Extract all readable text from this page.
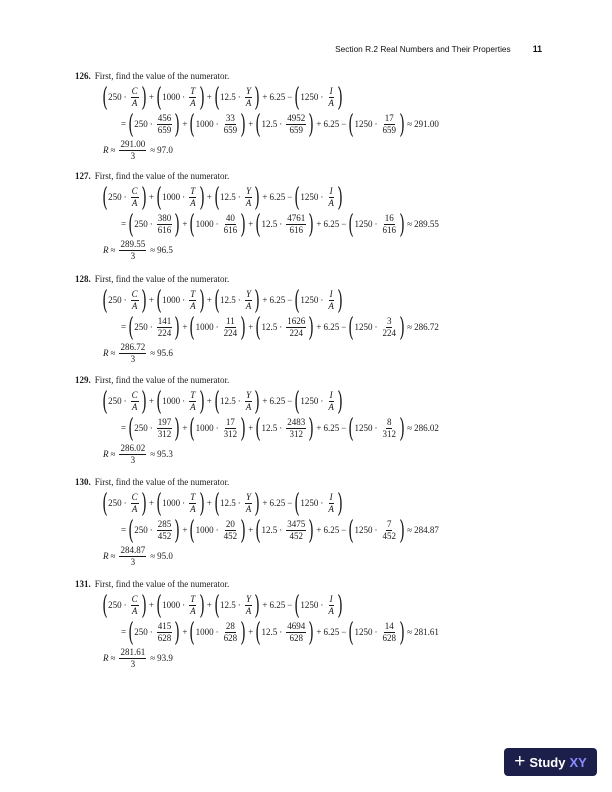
Section R.2 Real Numbers and Their Properties	11
126. First, find the value of the numerator.
( $250 \cdot \frac{C}{A}$ ) + ( $1000 \cdot \frac{T}{A}$ ) + ( $12.5 \cdot \frac{Y}{A}$ ) + 6.25 − ( $1250 \cdot \frac{I}{A}$ )
= ( $250 \cdot \frac{456}{659}$ ) + ( $1000 \cdot \frac{33}{659}$ ) + ( $12.5 \cdot \frac{4952}{659}$ ) + 6.25 − ( $1250 \cdot \frac{17}{659}$ ) ≈ 291.00
$R \approx \frac{291.00}{3} \approx 97.0$
127. First, find the value of the numerator.
( $250 \cdot \frac{C}{A}$ ) + ( $1000 \cdot \frac{T}{A}$ ) + ( $12.5 \cdot \frac{Y}{A}$ ) + 6.25 − ( $1250 \cdot \frac{I}{A}$ )
= ( $250 \cdot \frac{380}{616}$ ) + ( $1000 \cdot \frac{40}{616}$ ) + ( $12.5 \cdot \frac{4761}{616}$ ) + 6.25 − ( $1250 \cdot \frac{16}{616}$ ) ≈ 289.55
$R \approx \frac{289.55}{3} \approx 96.5$
128. First, find the value of the numerator.
( $250 \cdot \frac{C}{A}$ ) + ( $1000 \cdot \frac{T}{A}$ ) + ( $12.5 \cdot \frac{Y}{A}$ ) + 6.25 − ( $1250 \cdot \frac{I}{A}$ )
= ( $250 \cdot \frac{141}{224}$ ) + ( $1000 \cdot \frac{11}{224}$ ) + ( $12.5 \cdot \frac{1626}{224}$ ) + 6.25 − ( $1250 \cdot \frac{3}{224}$ ) ≈ 286.72
$R \approx \frac{286.72}{3} \approx 95.6$
129. First, find the value of the numerator.
( $250 \cdot \frac{C}{A}$ ) + ( $1000 \cdot \frac{T}{A}$ ) + ( $12.5 \cdot \frac{Y}{A}$ ) + 6.25 − ( $1250 \cdot \frac{I}{A}$ )
= ( $250 \cdot \frac{197}{312}$ ) + ( $1000 \cdot \frac{17}{312}$ ) + ( $12.5 \cdot \frac{2483}{312}$ ) + 6.25 − ( $1250 \cdot \frac{8}{312}$ ) ≈ 286.02
$R \approx \frac{286.02}{3} \approx 95.3$
130. First, find the value of the numerator.
( $250 \cdot \frac{C}{A}$ ) + ( $1000 \cdot \frac{T}{A}$ ) + ( $12.5 \cdot \frac{Y}{A}$ ) + 6.25 − ( $1250 \cdot \frac{I}{A}$ )
= ( $250 \cdot \frac{285}{452}$ ) + ( $1000 \cdot \frac{20}{452}$ ) + ( $12.5 \cdot \frac{3475}{452}$ ) + 6.25 − ( $1250 \cdot \frac{7}{452}$ ) ≈ 284.87
$R \approx \frac{284.87}{3} \approx 95.0$
131. First, find the value of the numerator.
( $250 \cdot \frac{C}{A}$ ) + ( $1000 \cdot \frac{T}{A}$ ) + ( $12.5 \cdot \frac{Y}{A}$ ) + 6.25 − ( $1250 \cdot \frac{I}{A}$ )
= ( $250 \cdot \frac{415}{628}$ ) + ( $1000 \cdot \frac{28}{628}$ ) + ( $12.5 \cdot \frac{4694}{628}$ ) + 6.25 − ( $1250 \cdot \frac{14}{628}$ ) ≈ 281.61
$R \approx \frac{281.61}{3} \approx 93.9$
+ Study XY
